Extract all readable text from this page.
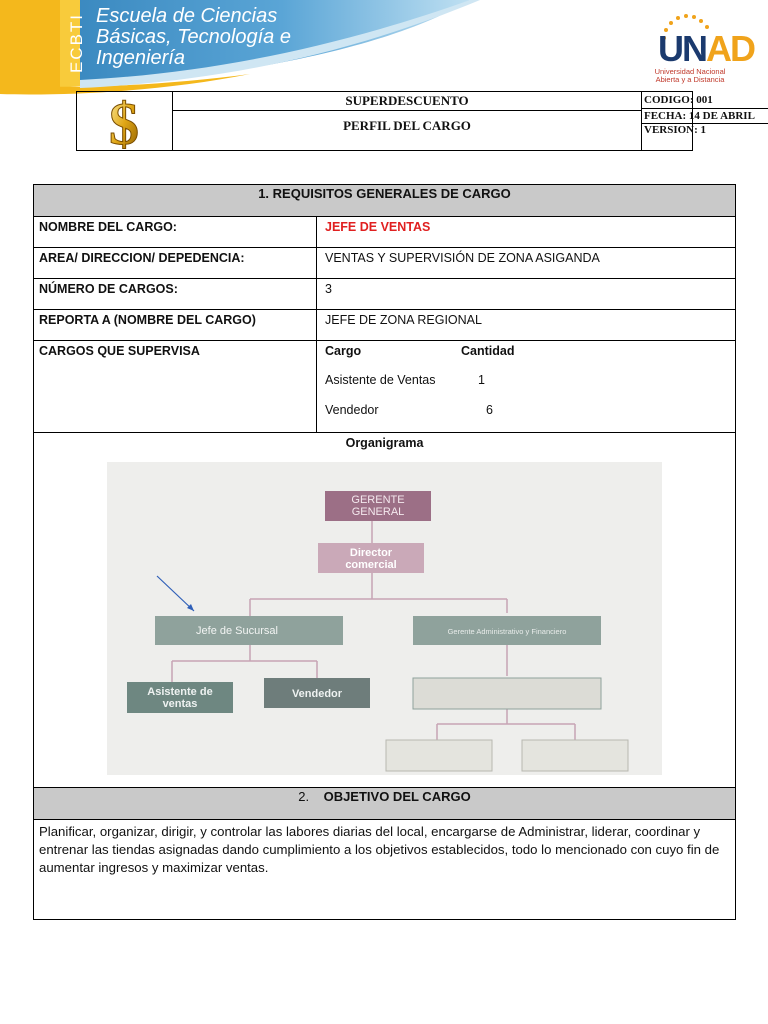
ECBTI Escuela de Ciencias
Básicas, Tecnología e
Ingeniería	UNAD
Universidad Nacional
Abierta y a Distancia
$	SUPERDESCUENTO
PERFIL DEL CARGO
CODIGO: 001
FECHA: 14 DE ABRIL
VERSION: 1
1. REQUISITOS GENERALES DE CARGO
NOMBRE DEL CARGO:	JEFE DE VENTAS
AREA/ DIRECCION/ DEPEDENCIA:	VENTAS Y SUPERVISIÓN DE ZONA ASIGANDA
NÚMERO DE CARGOS:	3
REPORTA A (NOMBRE DEL CARGO)	JEFE DE ZONA REGIONAL
CARGOS QUE SUPERVISA	Cargo	Cantidad
Asistente de Ventas	1
Vendedor	6
Organigrama
GERENTE
GENERAL
Director
comercial
Jefe de Sucursal	Gerente Administrativo y Financiero
Asistente de
ventas
Vendedor
2. OBJETIVO DEL CARGO
Planificar, organizar, dirigir, y controlar las labores diarias del local, encargarse de Administrar, liderar, coordinar y entrenar las tiendas asignadas dando cumplimiento a los objetivos establecidos, todo lo mencionado con cuyo fin de aumentar ingresos y maximizar ventas.
